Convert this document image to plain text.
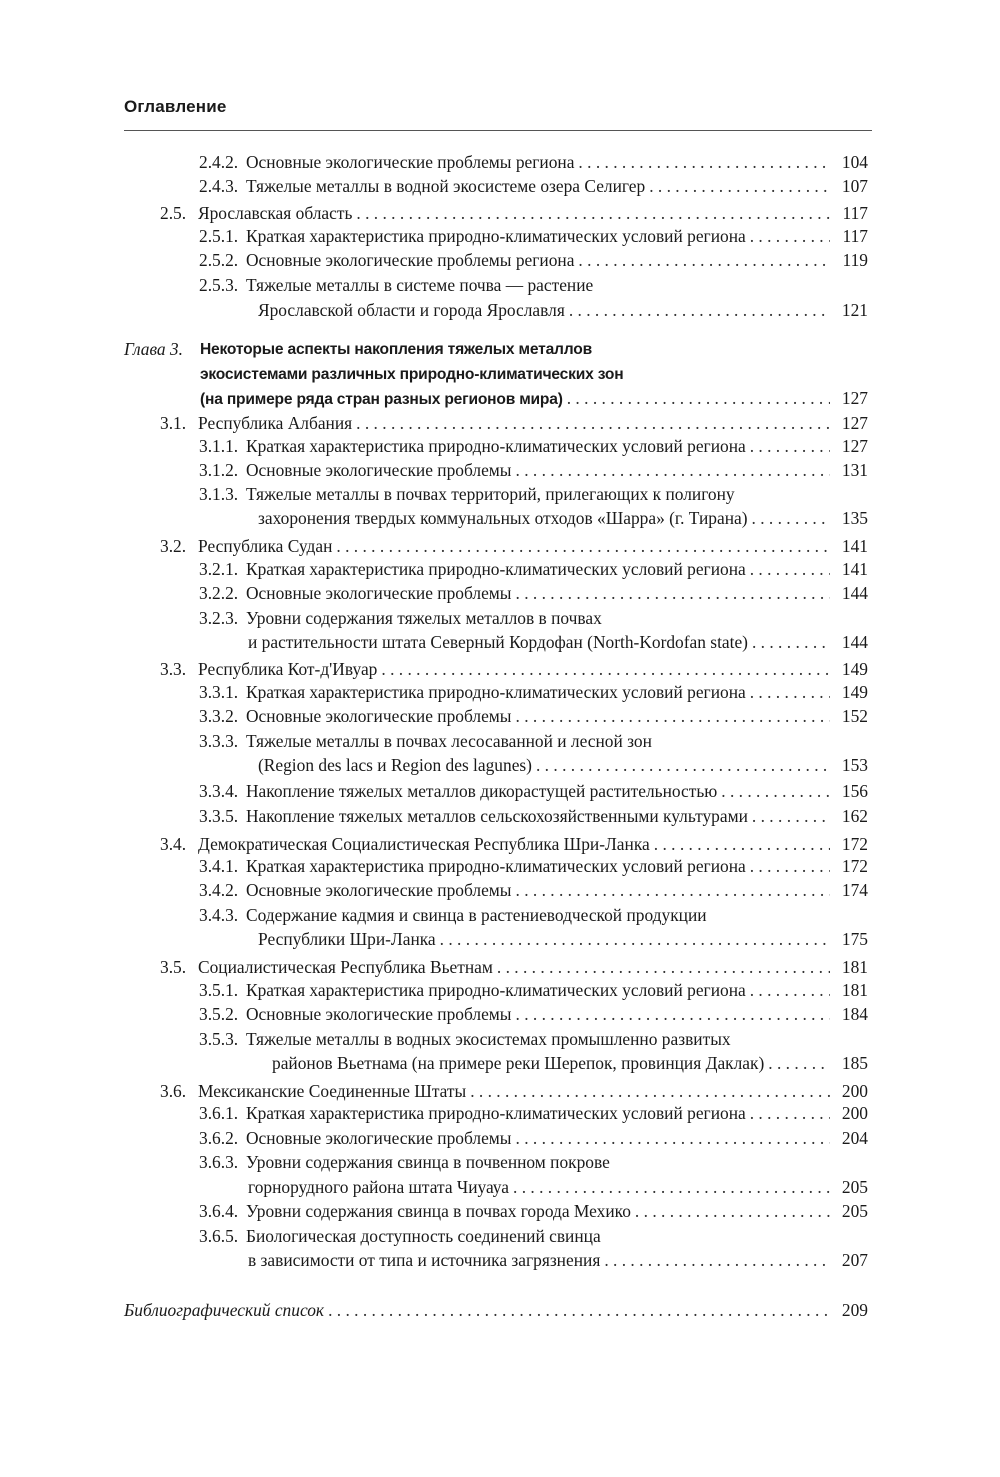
Оглавление
2.4.2. Основные экологические проблемы региона . . .	104
2.4.3. Тяжелые металлы в водной экосистеме озера Селигер . . .	107
2.5. Ярославская область . . .	117
2.5.1. Краткая характеристика природно-климатических условий региона . . .	117
2.5.2. Основные экологические проблемы региона . . .	119
2.5.3. Тяжелые металлы в системе почва — растение
Ярославской области и города Ярославля . . .	121
Глава 3. Некоторые аспекты накопления тяжелых металлов
экосистемами различных природно-климатических зон
(на примере ряда стран разных регионов мира) . . .	127
3.1. Республика Албания . . .	127
3.1.1. Краткая характеристика природно-климатических условий региона . . .	127
3.1.2. Основные экологические проблемы . . .	131
3.1.3. Тяжелые металлы в почвах территорий, прилегающих к полигону
захоронения твердых коммунальных отходов «Шарра» (г. Тирана) . . .	135
3.2. Республика Судан . . .	141
3.2.1. Краткая характеристика природно-климатических условий региона . . .	141
3.2.2. Основные экологические проблемы . . .	144
3.2.3. Уровни содержания тяжелых металлов в почвах
и растительности штата Северный Кордофан (North-Kordofan state) . . .	144
3.3. Республика Кот-д'Ивуар . . .	149
3.3.1. Краткая характеристика природно-климатических условий региона . . .	149
3.3.2. Основные экологические проблемы . . .	152
3.3.3. Тяжелые металлы в почвах лесосаванной и лесной зон
(Region des lacs и Region des lagunes) . . .	153
3.3.4. Накопление тяжелых металлов дикорастущей растительностью . . .	156
3.3.5. Накопление тяжелых металлов сельскохозяйственными культурами . . .	162
3.4. Демократическая Социалистическая Республика Шри-Ланка . . .	172
3.4.1. Краткая характеристика природно-климатических условий региона . . .	172
3.4.2. Основные экологические проблемы . . .	174
3.4.3. Содержание кадмия и свинца в растениеводческой продукции
Республики Шри-Ланка . . .	175
3.5. Социалистическая Республика Вьетнам . . .	181
3.5.1. Краткая характеристика природно-климатических условий региона . . .	181
3.5.2. Основные экологические проблемы . . .	184
3.5.3. Тяжелые металлы в водных экосистемах промышленно развитых
районов Вьетнама (на примере реки Шерепок, провинция Даклак) . . .	185
3.6. Мексиканские Соединенные Штаты . . .	200
3.6.1. Краткая характеристика природно-климатических условий региона . . .	200
3.6.2. Основные экологические проблемы . . .	204
3.6.3. Уровни содержания свинца в почвенном покрове
горнорудного района штата Чиуауа . . .	205
3.6.4. Уровни содержания свинца в почвах города Мехико . . .	205
3.6.5. Биологическая доступность соединений свинца
в зависимости от типа и источника загрязнения . . .	207
Библиографический список . . .	209
